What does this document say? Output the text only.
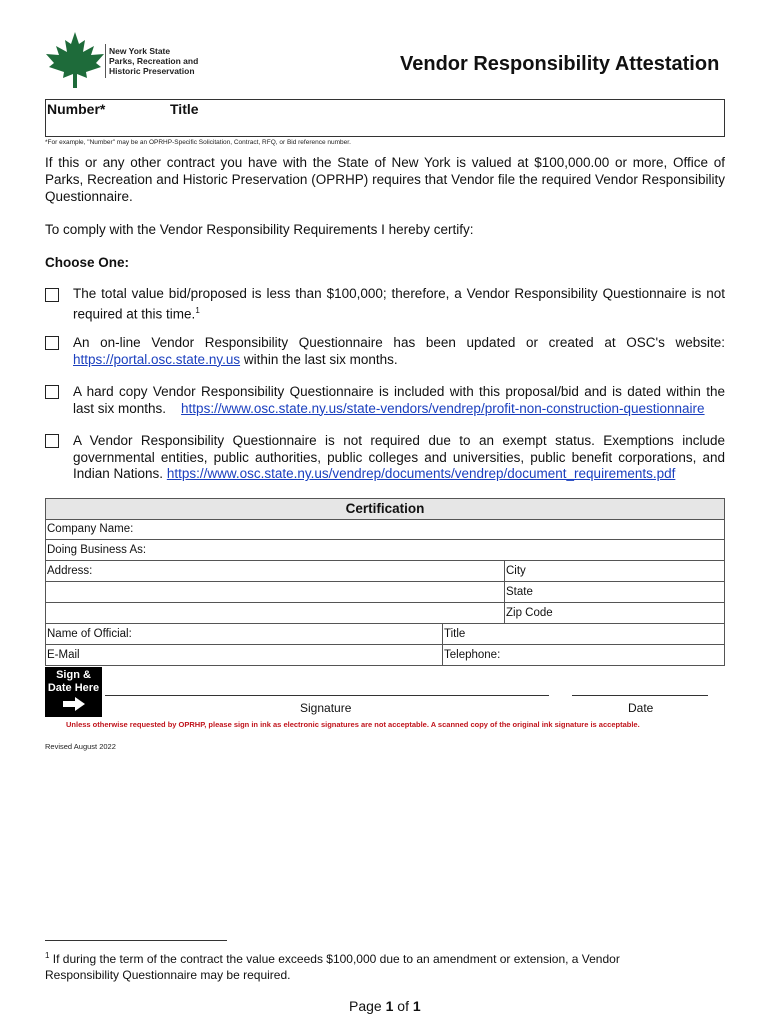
New York State
Parks, Recreation and
Historic Preservation	Vendor Responsibility Attestation
Number*	Title
*For example, "Number" may be an OPRHP-Specific Solicitation, Contract, RFQ, or Bid reference number.
If this or any other contract you have with the State of New York is valued at $100,000.00 or more, Office of Parks, Recreation and Historic Preservation (OPRHP) requires that Vendor file the required Vendor Responsibility Questionnaire.
To comply with the Vendor Responsibility Requirements I hereby certify:
Choose One:
The total value bid/proposed is less than $100,000; therefore, a Vendor Responsibility Questionnaire is not required at this time.$^1$
An on-line Vendor Responsibility Questionnaire has been updated or created at OSC's website: https://portal.osc.state.ny.us within the last six months.
A hard copy Vendor Responsibility Questionnaire is included with this proposal/bid and is dated within the last six months. https://www.osc.state.ny.us/state-vendors/vendrep/profit-non-construction-questionnaire
A Vendor Responsibility Questionnaire is not required due to an exempt status. Exemptions include governmental entities, public authorities, public colleges and universities, public benefit corporations, and Indian Nations. https://www.osc.state.ny.us/vendrep/documents/vendrep/document_requirements.pdf
Certification
Company Name:
Doing Business As:
Address:	City
State
Zip Code
Name of Official:	Title
E-Mail	Telephone:
Sign & Date Here
Signature	Date
Unless otherwise requested by OPRHP, please sign in ink as electronic signatures are not acceptable. A scanned copy of the original ink signature is acceptable.
Revised August 2022
$^1$ If during the term of the contract the value exceeds $100,000 due to an amendment or extension, a Vendor Responsibility Questionnaire may be required.
Page 1 of 1
